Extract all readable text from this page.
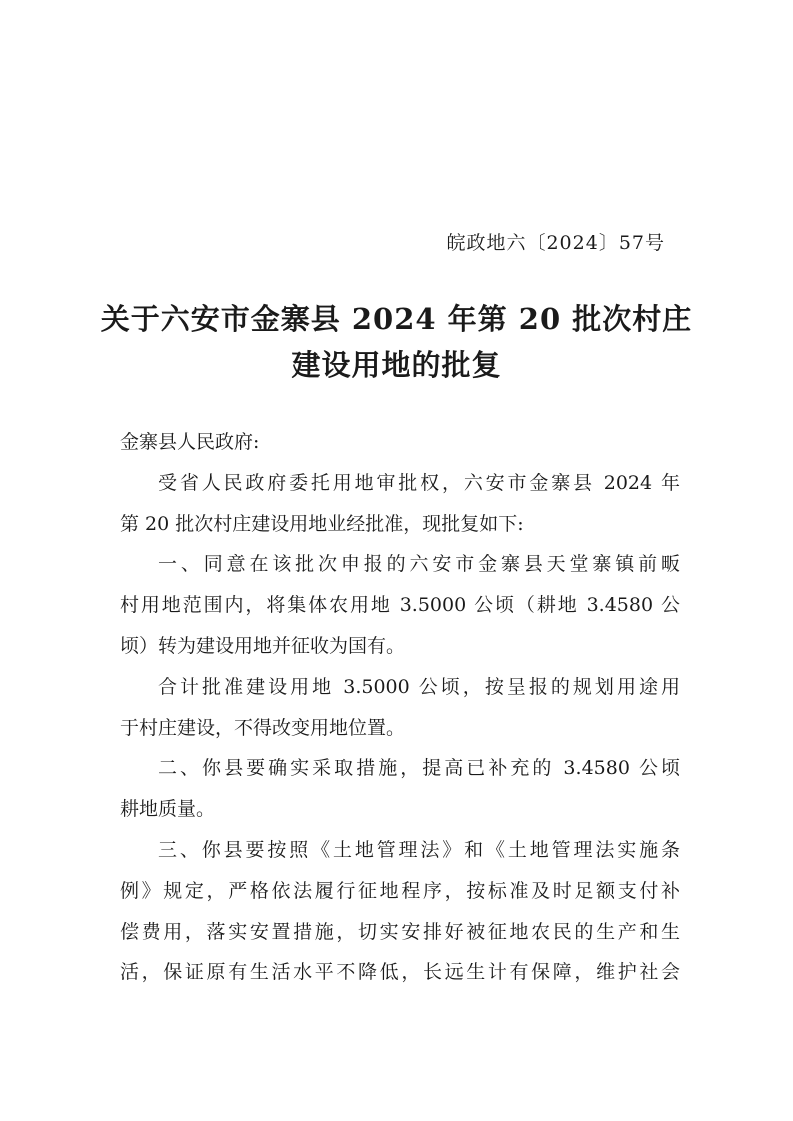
皖政地六〔2024〕57号
关于六安市金寨县 2024 年第 20 批次村庄
建设用地的批复
金寨县人民政府:
受省人民政府委托用地审批权，六安市金寨县 2024 年
第 20 批次村庄建设用地业经批准，现批复如下:
一、同意在该批次申报的六安市金寨县天堂寨镇前畈
村用地范围内，将集体农用地 3.5000 公顷（耕地 3.4580 公
顷）转为建设用地并征收为国有。
合计批准建设用地 3.5000 公顷，按呈报的规划用途用
于村庄建设，不得改变用地位置。
二、你县要确实采取措施，提高已补充的 3.4580 公顷
耕地质量。
三、你县要按照《土地管理法》和《土地管理法实施条
例》规定，严格依法履行征地程序，按标准及时足额支付补
偿费用，落实安置措施，切实安排好被征地农民的生产和生
活，保证原有生活水平不降低，长远生计有保障，维护社会
